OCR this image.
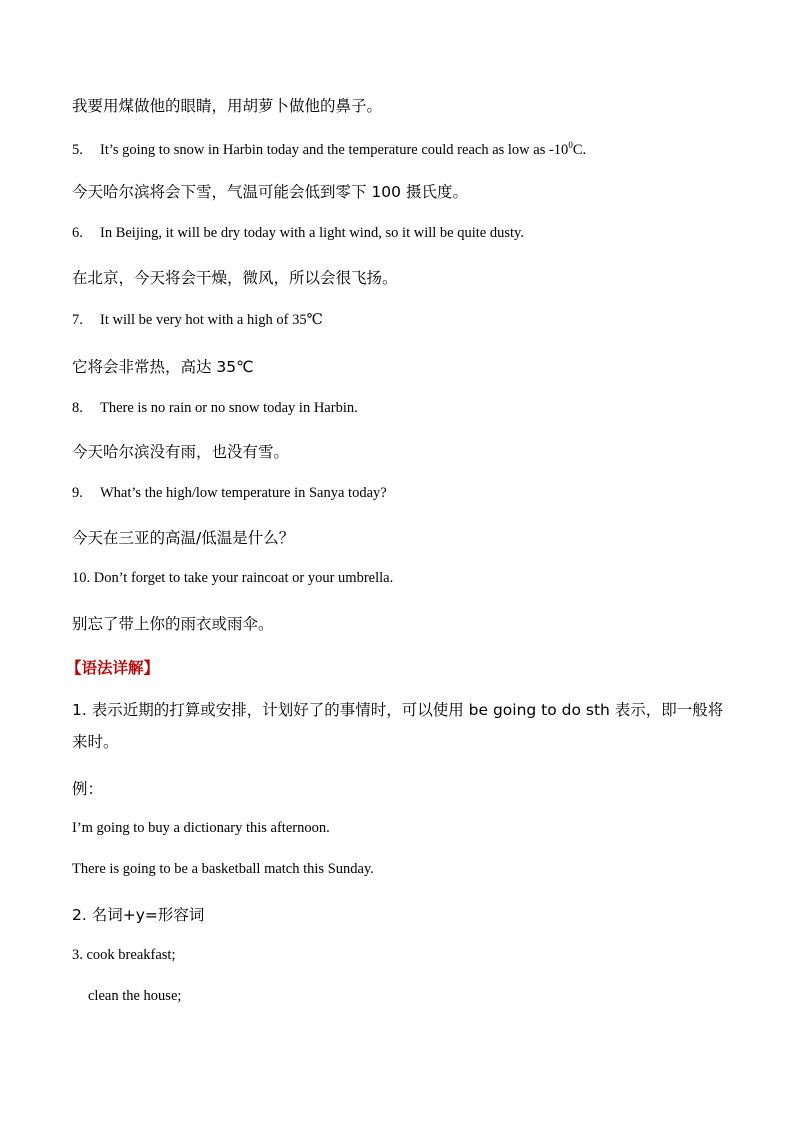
我要用煤做他的眼睛，用胡萝卜做他的鼻子。
5. It’s going to snow in Harbin today and the temperature could reach as low as $-10^0C$.
今天哈尔滨将会下雪，气温可能会低到零下 100 摄氏度。
6. In Beijing, it will be dry today with a light wind, so it will be quite dusty.
在北京，今天将会干燥，微风，所以会很飞扬。
7. It will be very hot with a high of 35℃
它将会非常热，高达 35℃
8. There is no rain or no snow today in Harbin.
今天哈尔滨没有雨，也没有雪。
9. What’s the high/low temperature in Sanya today?
今天在三亚的高温/低温是什么？
10. Don’t forget to take your raincoat or your umbrella.
别忘了带上你的雨衣或雨伞。
【语法详解】
1. 表示近期的打算或安排，计划好了的事情时，可以使用 be going to do sth 表示，即一般将来时。
例：
I’m going to buy a dictionary this afternoon.
There is going to be a basketball match this Sunday.
2. 名词+y=形容词
3. cook breakfast;
clean the house;
